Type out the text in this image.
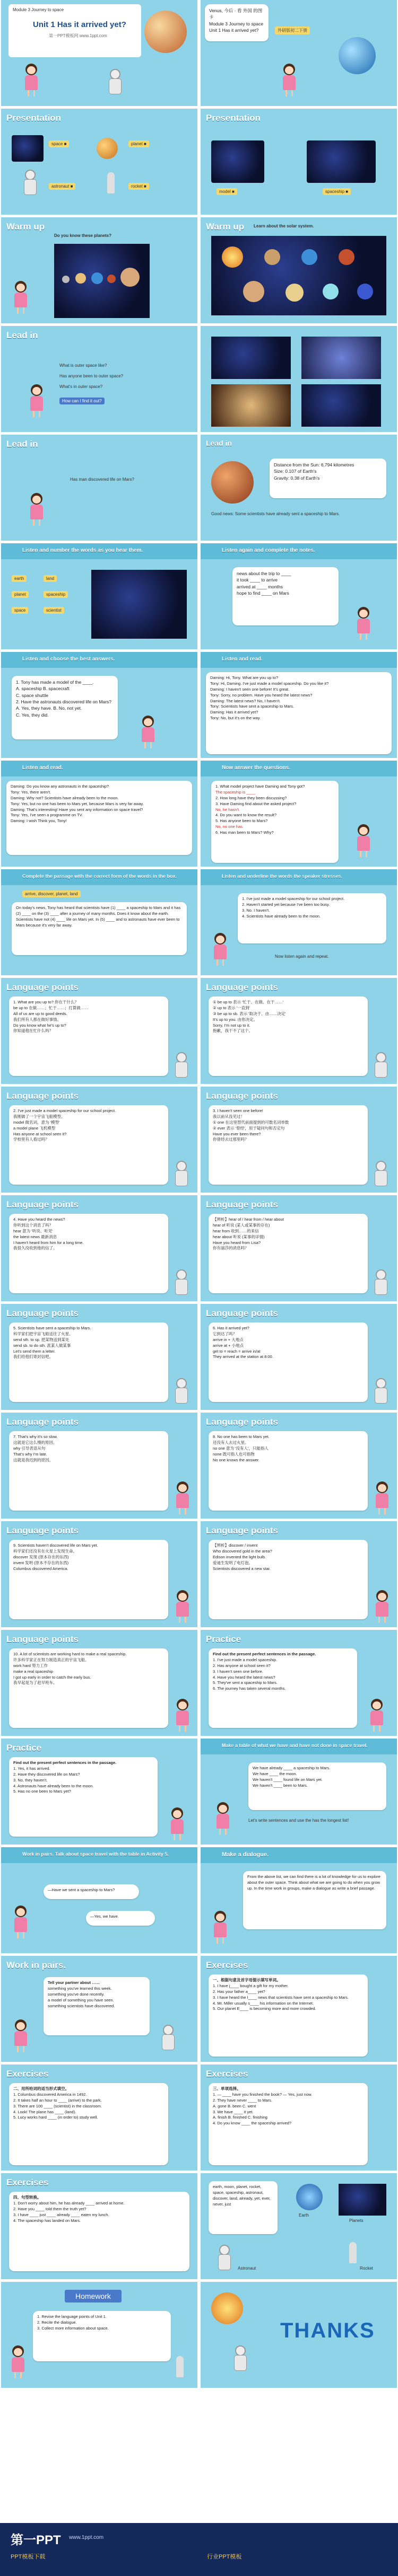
Module 3 Journey to space
Unit 1 Has it arrived yet?
第一PPT模板网 www.1ppt.com
Venus, 今后 · 看 外国 的图卡
Module 3 Journey to space
Unit 1 Has it arrived yet?	外研版初二下册
Presentation
space ■	planet ■
astronaut ■	rocket ■
Presentation
model ■	spaceship ■
Warm up
Do you know these planets?
Warm up Learn about the solar system.
Lead in
What is outer space like?
Has anyone been to outer space?
What's in outer space?
How can I find it out?
Lead in
Has man discovered life on Mars?
Lead in
Distance from the Sun: 6,794 kilometres
Size: 0.107 of Earth's
Gravity: 0.38 of Earth's
Good news: Some scientists have already sent a spaceship to Mars.
Listen and number the words as you hear them.
earth	land
planet	spaceship
space	scientist
Listen again and complete the notes.
news about the trip to ____
it took ____ to arrive
arrived at ____ months
hope to find ____ on Mars
Listen and choose the best answers.
1. Tony has made a model of the ____.
A. spaceship B. spacecraft
C. space shuttle
2. Have the astronauts discovered life on Mars?
A. Yes, they have. B. No, not yet.
C. Yes, they did.
Listen and read.
Daming: Hi, Tony. What are you up to?
Tony: Hi, Daming. I've just made a model spaceship. Do you like it?
Daming: I haven't seen one before! It's great.
Tony: Sorry, no problem. Have you heard the latest news?
Daming: The latest news? No, I haven't.
Tony: Scientists have sent a spaceship to Mars.
Daming: Has it arrived yet?
Tony: No, but it's on the way.
Listen and read.
Daming: Do you know any astronauts in the spaceship?
Tony: Yes, there aren't.
Daming: Why not? Scientists have already been to the moon.
Tony: Yes, but no one has been to Mars yet, because Mars is very far away.
Daming: That's interesting! Have you sent any information on space travel?
Tony: Yes, I've seen a programme on TV.
Daming: I wish Think you, Tony!
Now answer the questions.
1. What model project have Daming and Tony got?
The spaceship is ____
2. How long have they been discussing?
3. Have Daming find about the asked project?
No, he hasn't.
4. Do you want to know the result?
5. Has anyone been to Mars?
No, no one has.
6. Has man been to Mars? Why?
Complete the passage with the correct form of the words in the box.
arrive, discover, planet, land
On today's news, Tony has heard that scientists have (1) ____ a spaceship to Mars and it has (2) ____ on the (3) ____ after a journey of many months. Does it know about the earth. Scientists have not (4) ____ life on Mars yet. In (5) ____ and to astronauts have ever been to Mars because it's very far away.
Listen and underline the words the speaker stresses.
1. I've just made a model spaceship for our school project.
2. Haven't started yet because I've been too busy.
3. No. I haven't.
4. Scientists have already been to the moon.
Now listen again and repeat.
Language points
1. What are you up to? 你在干什么？
be up to 在做……；忙于……；打算做……
All of us are up to good deeds.
我们所有人都在做好事情。
Do you know what he's up to?
你知道他在忙什么吗？
Language points
① be up to 表示 '忙于、在做、在干……'
② up to 表示 '一直到'
③ be up to sb. 表示 '取决于、由……决定'
It's up to you. 由你决定。
Sorry, I'm not up to it.
抱歉，我干不了这个。
Language points
2. I've just made a model spaceship for our school project.
我刚做了一个宇宙飞船模型。
model 做名词，意为 '模型'
a model plane 飞机模型
Has anyone at school seen it?
学校里有人看过吗？
Language points
3. I haven't seen one before!
我以前从没见过！
① one 在这里替代前面提到的可数名词单数
② ever 表示 '曾经'，用于疑问句和否定句
Have you ever been there?
你曾经去过那里吗？
Language points
4. Have you heard the news?
你听到这个消息了吗？
hear 意为 '听说、听见'
the latest news 最新消息
I haven't heard from him for a long time.
我很久没收到他的信了。
Language points
【辨析】hear of / hear from / hear about
hear of 听说 (某人或某事的存在)
hear from 收到……的来信
hear about 听说 (某事的详情)
Have you heard from Lisa?
你有丽莎的消息吗？
Language points
5. Scientists have sent a spaceship to Mars.
科学家们把宇宙飞船送往了火星。
send sth. to sp. 把某物送到某处
send sb. to do sth. 派某人做某事
Let's send them a letter.
我们给他们寄封信吧。
Language points
6. Has it arrived yet?
它到达了吗？
arrive in + 大地点
arrive at + 小地点
get to = reach = arrive in/at
They arrived at the station at 8:00.
Language points
7. That's why it's so slow.
这就是它这么慢的原因。
why 引导表语从句
That's why I'm late.
这就是我迟到的原因。
Language points
8. No one has been to Mars yet.
还没有人去过火星。
no one 意为 '没有人'，只能指人
none 既可指人也可指物
No one knows the answer.
Language points
9. Scientists haven't discovered life on Mars yet.
科学家们还没有在火星上发现生命。
discover 发现 (原本存在的东西)
invent 发明 (原本不存在的东西)
Columbus discovered America.
Language points
【辨析】discover / invent
Who discovered gold in the area?
Edison invented the light bulb.
爱迪生发明了电灯泡。
Scientists discovered a new star.
Language points
10. A lot of scientists are working hard to make a real spaceship.
许多科学家正在努力制造真正的宇宙飞船。
work hard 努力工作
make a real spaceship
I got up early in order to catch the early bus.
我早起是为了赶早班车。
Practice
Find out the present perfect sentences in the passage.
1. I've just made a model spaceship.
2. Has anyone at school seen it?
3. I haven't seen one before.
4. Have you heard the latest news?
5. They've sent a spaceship to Mars.
6. The journey has taken several months.
Practice
Find out the present perfect sentences in the passage.
1. Yes, it has arrived.
2. Have they discovered life on Mars?
3. No, they haven't.
4. Astronauts have already been to the moon.
5. Has no one been to Mars yet?
Make a table of what we have and have not done in space travel.
We have already ____ a spaceship to Mars.
We have ____ the moon.
We haven't ____ found life on Mars yet.
We haven't ____ been to Mars.
Let's write sentences and use the has the longest list!
Work in pairs. Talk about space travel with the table in Activity 5.
—Have we sent a spaceship to Mars?
—Yes, we have.
Make a dialogue.
From the above list, we can find there is a lot of knowledge for us to explore about the outer space. Think about what we are going to do when you grow up. In the time work in groups, make a dialogue as write a brief passage.
Work in pairs.
Tell your partner about ……
something you've learned this week.
something you've done recently.
a model of something you have seen.
something scientists have discovered.
Exercises
一、根据句意及首字母提示填写单词。
1. I have j____ bought a gift for my mother.
2. Has your father a____ yet?
3. I have heard the l____ news that scientists have sent a spaceship to Mars.
4. Mr. Miller usually s____ his information on the Internet.
5. Our planet E____ is becoming more and more crowded.
Exercises
二、用所给词的适当形式填空。
1. Columbus discovered America in 1492.
2. It takes half an hour to ____ (arrive) to the park.
3. There are 100 ____ (scientist) in the classroom.
4. Look! The plane has ____ (land).
5. Lucy works hard ____ (in order to) study well.
Exercises
三、单项选择。
1. — ____ have you finished the book? — Yes, just now.
2. They have never ____ to Mars.
A. gone B. been C. went
3. We have ____ it yet.
A. finish B. finished C. finishing
4. Do you know ____ the spaceship arrived?
Exercises
四、句型转换。
1. Don't worry about him, he has already ____ arrived at home.
2. Have you ____ told them the truth yet?
3. I have ____ just ____ already ____ eaten my lunch.
4. The spaceship has landed on Mars.
earth, moon, planet, rocket, space, spaceship, astronaut, discover, land, already, yet, ever, never, just
Earth
Planets
Astronaut	Rocket
Homework
1. Revise the language points of Unit 1.
2. Recite the dialogue.
3. Collect more information about space.	THANKS
第一PPT www.1ppt.com
PPT模板下载	行业PPT模板
